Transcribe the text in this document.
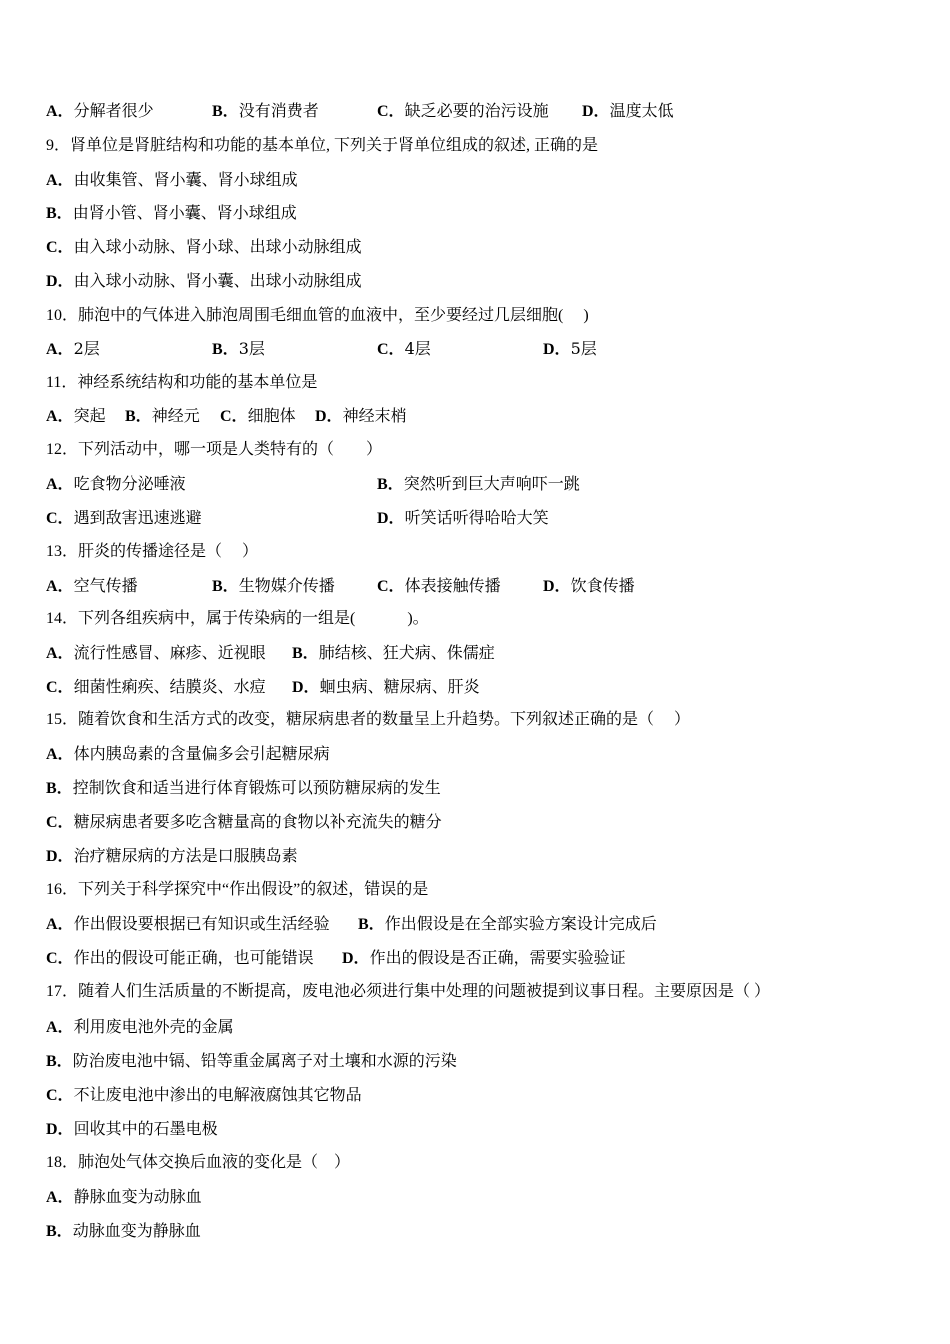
A．分解者很少	B．没有消费者	C．缺乏必要的治污设施 D．温度太低
9．肾单位是肾脏结构和功能的基本单位, 下列关于肾单位组成的叙述, 正确的是
A．由收集管、肾小囊、肾小球组成
B．由肾小管、肾小囊、肾小球组成
C．由入球小动脉、肾小球、出球小动脉组成
D．由入球小动脉、肾小囊、出球小动脉组成
10．肺泡中的气体进入肺泡周围毛细血管的血液中，至少要经过几层细胞(　 )
A．2层	B．3层	C．4层	D．5层
11．神经系统结构和功能的基本单位是
A．突起 B．神经元 C．细胞体 D．神经末梢
12．下列活动中，哪一项是人类特有的（　　）
A．吃食物分泌唾液	B．突然听到巨大声响吓一跳
C．遇到敌害迅速逃避	D．听笑话听得哈哈大笑
13．肝炎的传播途径是（　 ）
A．空气传播	B．生物媒介传播	C．体表接触传播	D．饮食传播
14．下列各组疾病中，属于传染病的一组是(　　　 )。
A．流行性感冒、麻疹、近视眼 B．肺结核、狂犬病、侏儒症
C．细菌性痢疾、结膜炎、水痘 D．蛔虫病、糖尿病、肝炎
15．随着饮食和生活方式的改变，糖尿病患者的数量呈上升趋势。下列叙述正确的是（　 ）
A．体内胰岛素的含量偏多会引起糖尿病
B．控制饮食和适当进行体育锻炼可以预防糖尿病的发生
C．糖尿病患者要多吃含糖量高的食物以补充流失的糖分
D．治疗糖尿病的方法是口服胰岛素
16．下列关于科学探究中“作出假设”的叙述，错误的是
A．作出假设要根据已有知识或生活经验 B．作出假设是在全部实验方案设计完成后
C．作出的假设可能正确，也可能错误 D．作出的假设是否正确，需要实验验证
17．随着人们生活质量的不断提高，废电池必须进行集中处理的问题被提到议事日程。主要原因是（ ）
A．利用废电池外壳的金属
B．防治废电池中镉、铅等重金属离子对土壤和水源的污染
C．不让废电池中渗出的电解液腐蚀其它物品
D．回收其中的石墨电极
18．肺泡处气体交换后血液的变化是（　）
A．静脉血变为动脉血
B．动脉血变为静脉血
